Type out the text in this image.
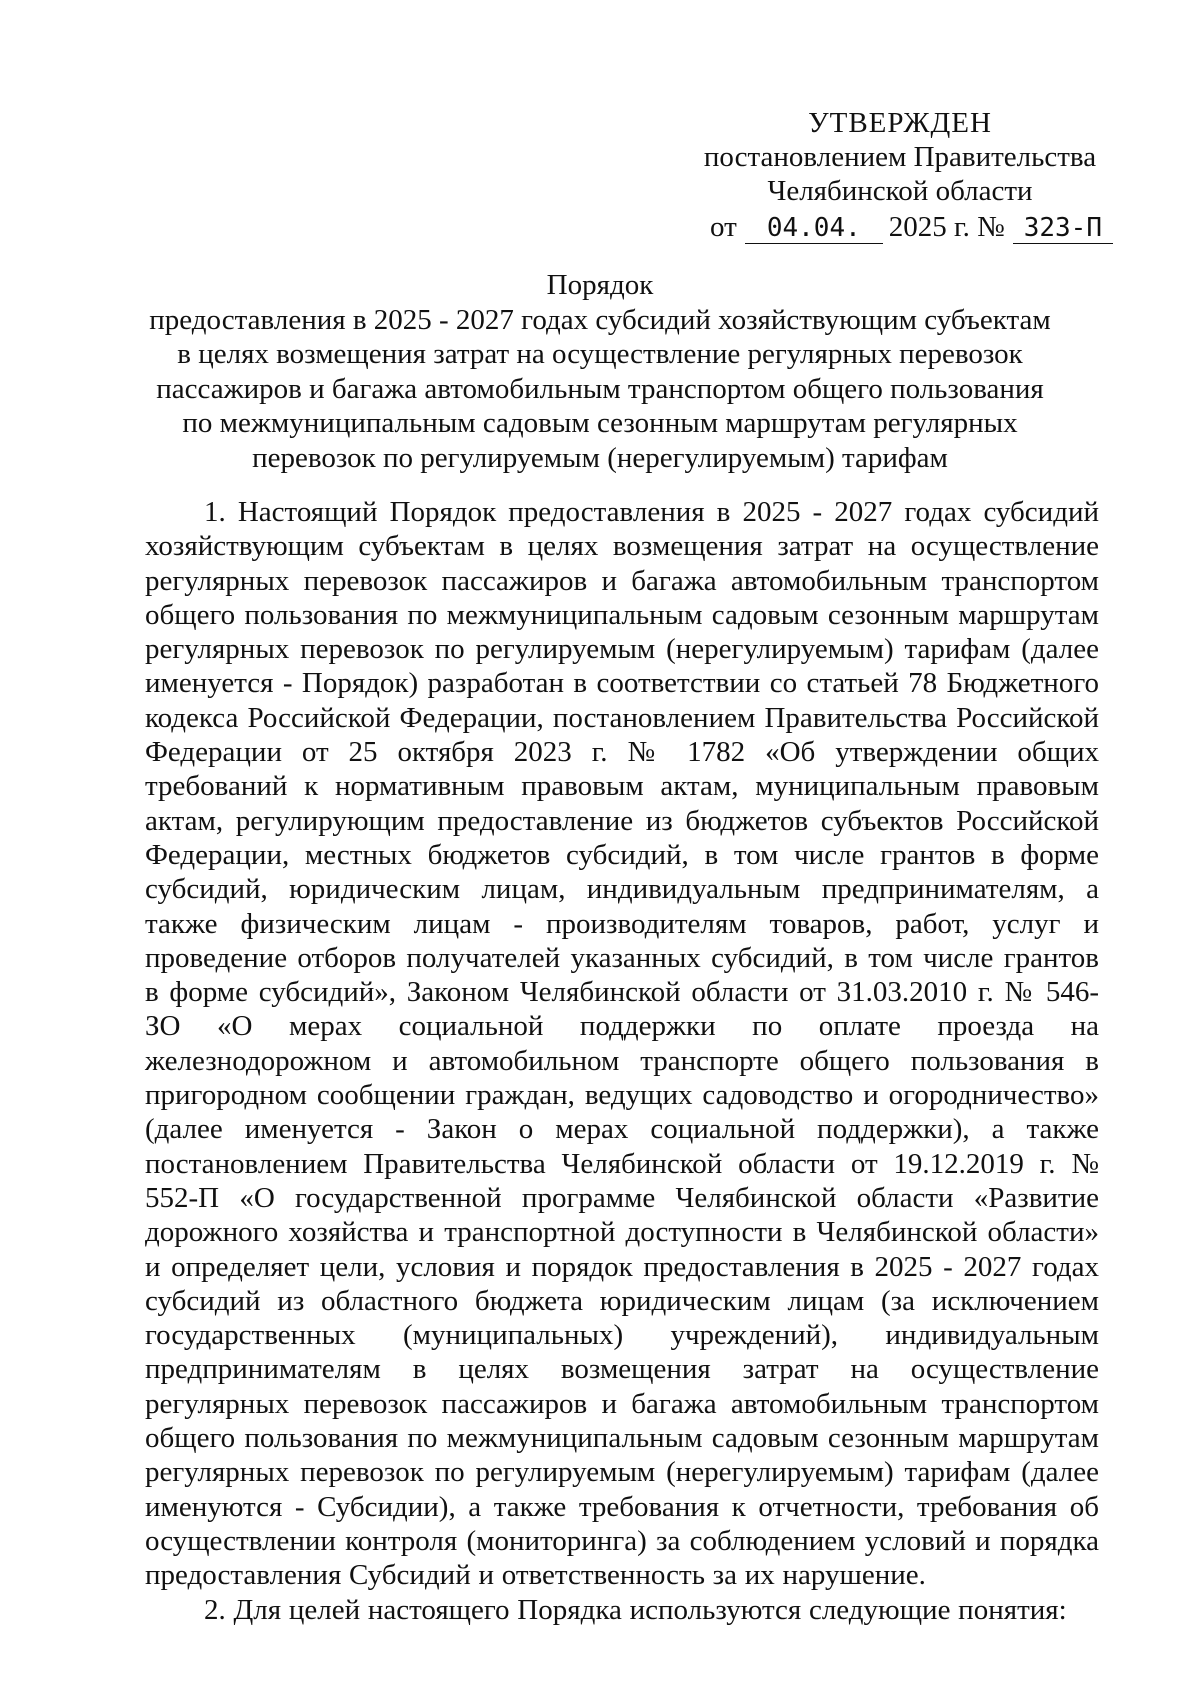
УТВЕРЖДЕН
постановлением Правительства
Челябинской области
от 04.04. 2025 г. № 323-П
Порядок
предоставления в 2025 - 2027 годах субсидий хозяйствующим субъектам
в целях возмещения затрат на осуществление регулярных перевозок
пассажиров и багажа автомобильным транспортом общего пользования
по межмуниципальным садовым сезонным маршрутам регулярных
перевозок по регулируемым (нерегулируемым) тарифам

1. Настоящий Порядок предоставления в 2025 - 2027 годах субсидий хозяйствующим субъектам в целях возмещения затрат на осуществление регулярных перевозок пассажиров и багажа автомобильным транспортом общего пользования по межмуниципальным садовым сезонным маршрутам регулярных перевозок по регулируемым (нерегулируемым) тарифам (далее именуется - Порядок) разработан в соответствии со статьей 78 Бюджетного кодекса Российской Федерации, постановлением Правительства Российской Федерации от 25 октября 2023 г. № 1782 «Об утверждении общих требований к нормативным правовым актам, муниципальным правовым актам, регулирующим предоставление из бюджетов субъектов Российской Федерации, местных бюджетов субсидий, в том числе грантов в форме субсидий, юридическим лицам, индивидуальным предпринимателям, а также физическим лицам - производителям товаров, работ, услуг и проведение отборов получателей указанных субсидий, в том числе грантов в форме субсидий», Законом Челябинской области от 31.03.2010 г. № 546-ЗО «О мерах социальной поддержки по оплате проезда на железнодорожном и автомобильном транспорте общего пользования в пригородном сообщении граждан, ведущих садоводство и огородничество» (далее именуется - Закон о мерах социальной поддержки), а также постановлением Правительства Челябинской области от 19.12.2019 г. № 552-П «О государственной программе Челябинской области «Развитие дорожного хозяйства и транспортной доступности в Челябинской области» и определяет цели, условия и порядок предоставления в 2025 - 2027 годах субсидий из областного бюджета юридическим лицам (за исключением государственных (муниципальных) учреждений), индивидуальным предпринимателям в целях возмещения затрат на осуществление регулярных перевозок пассажиров и багажа автомобильным транспортом общего пользования по межмуниципальным садовым сезонным маршрутам регулярных перевозок по регулируемым (нерегулируемым) тарифам (далее именуются - Субсидии), а также требования к отчетности, требования об осуществлении контроля (мониторинга) за соблюдением условий и порядка предоставления Субсидий и ответственность за их нарушение.

2. Для целей настоящего Порядка используются следующие понятия:
